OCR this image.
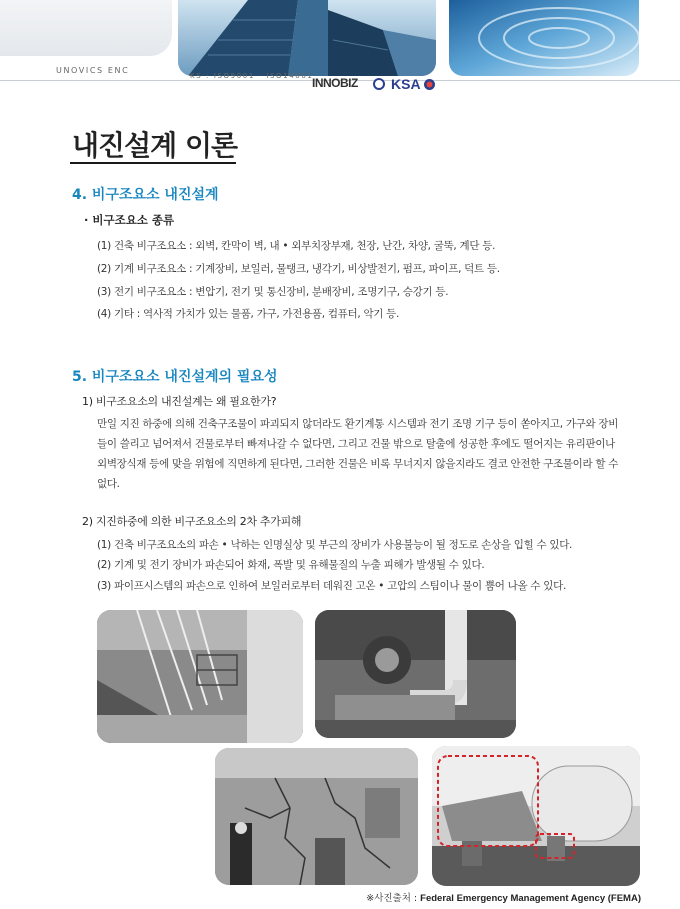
UNOVICS ENC
KS : ISO9001 · ISO14001
INNOBIZ KSA
내진설계 이론
4. 비구조요소 내진설계
· 비구조요소 종류
(1) 건축 비구조요소 : 외벽, 칸막이 벽, 내 • 외부치장부재, 천장, 난간, 차양, 굴뚝, 계단 등.
(2) 기계 비구조요소 : 기계장비, 보일러, 물탱크, 냉각기, 비상발전기, 펌프, 파이프, 덕트 등.
(3) 전기 비구조요소 : 변압기, 전기 및 통신장비, 분배장비, 조명기구, 승강기 등.
(4) 기타 : 역사적 가치가 있는 물품, 가구, 가전용품, 컴퓨터, 악기 등.
5. 비구조요소 내진설계의 필요성
1) 비구조요소의 내진설계는 왜 필요한가?
만일 지진 하중에 의해 건축구조물이 파괴되지 않더라도 환기계통 시스템과 전기 조명 기구 등이 쏟아지고, 가구와 장비
들이 쓸리고 넘어져서 건물로부터 빠져나갈 수 없다면, 그리고 건물 밖으로 탈출에 성공한 후에도 떨어지는 유리판이나
외벽장식재 등에 맞을 위험에 직면하게 된다면, 그러한 건물은 비록 무너지지 않을지라도 결코 안전한 구조물이라 할 수
없다.
2) 지진하중에 의한 비구조요소의 2차 추가피해
(1) 건축 비구조요소의 파손 • 낙하는 인명실상 및 부근의 장비가 사용불능이 될 정도로 손상을 입힐 수 있다.
(2) 기계 및 전기 장비가 파손되어 화재, 폭발 및 유해물질의 누출 피해가 발생될 수 있다.
(3) 파이프시스템의 파손으로 인하여 보일러로부터 데워진 고온 • 고압의 스팀이나 물이 뿜어 나올 수 있다.
※사진출처 : Federal Emergency Management Agency (FEMA)
